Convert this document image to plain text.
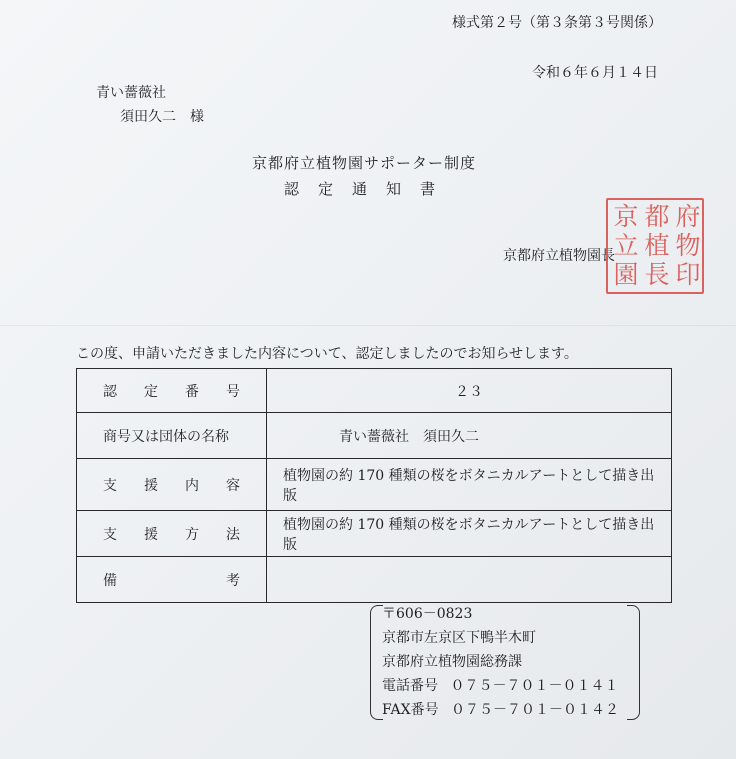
様式第２号（第３条第３号関係）
令和６年６月１４日
青い薔薇社
須田久二　様
京都府立植物園サポーター制度
認定通知書
京都府立植物園長
府
都
京
物
植
立
印
長
園
この度、申請いただきました内容について、認定しましたのでお知らせします。
認 定 番 号	２３
商号又は団体の名称	青い薔薇社　須田久二

支 援 内 容	植物園の約 170 種類の桜をボタニカルアートとして描き出版

支 援 方 法	植物園の約 170 種類の桜をボタニカルアートとして描き出版

備 考	

〒606－0823
京都市左京区下鴨半木町
京都府立植物園総務課
電話番号 ０７５－７０１－０１４１
FAX番号 ０７５－７０１－０１４２
